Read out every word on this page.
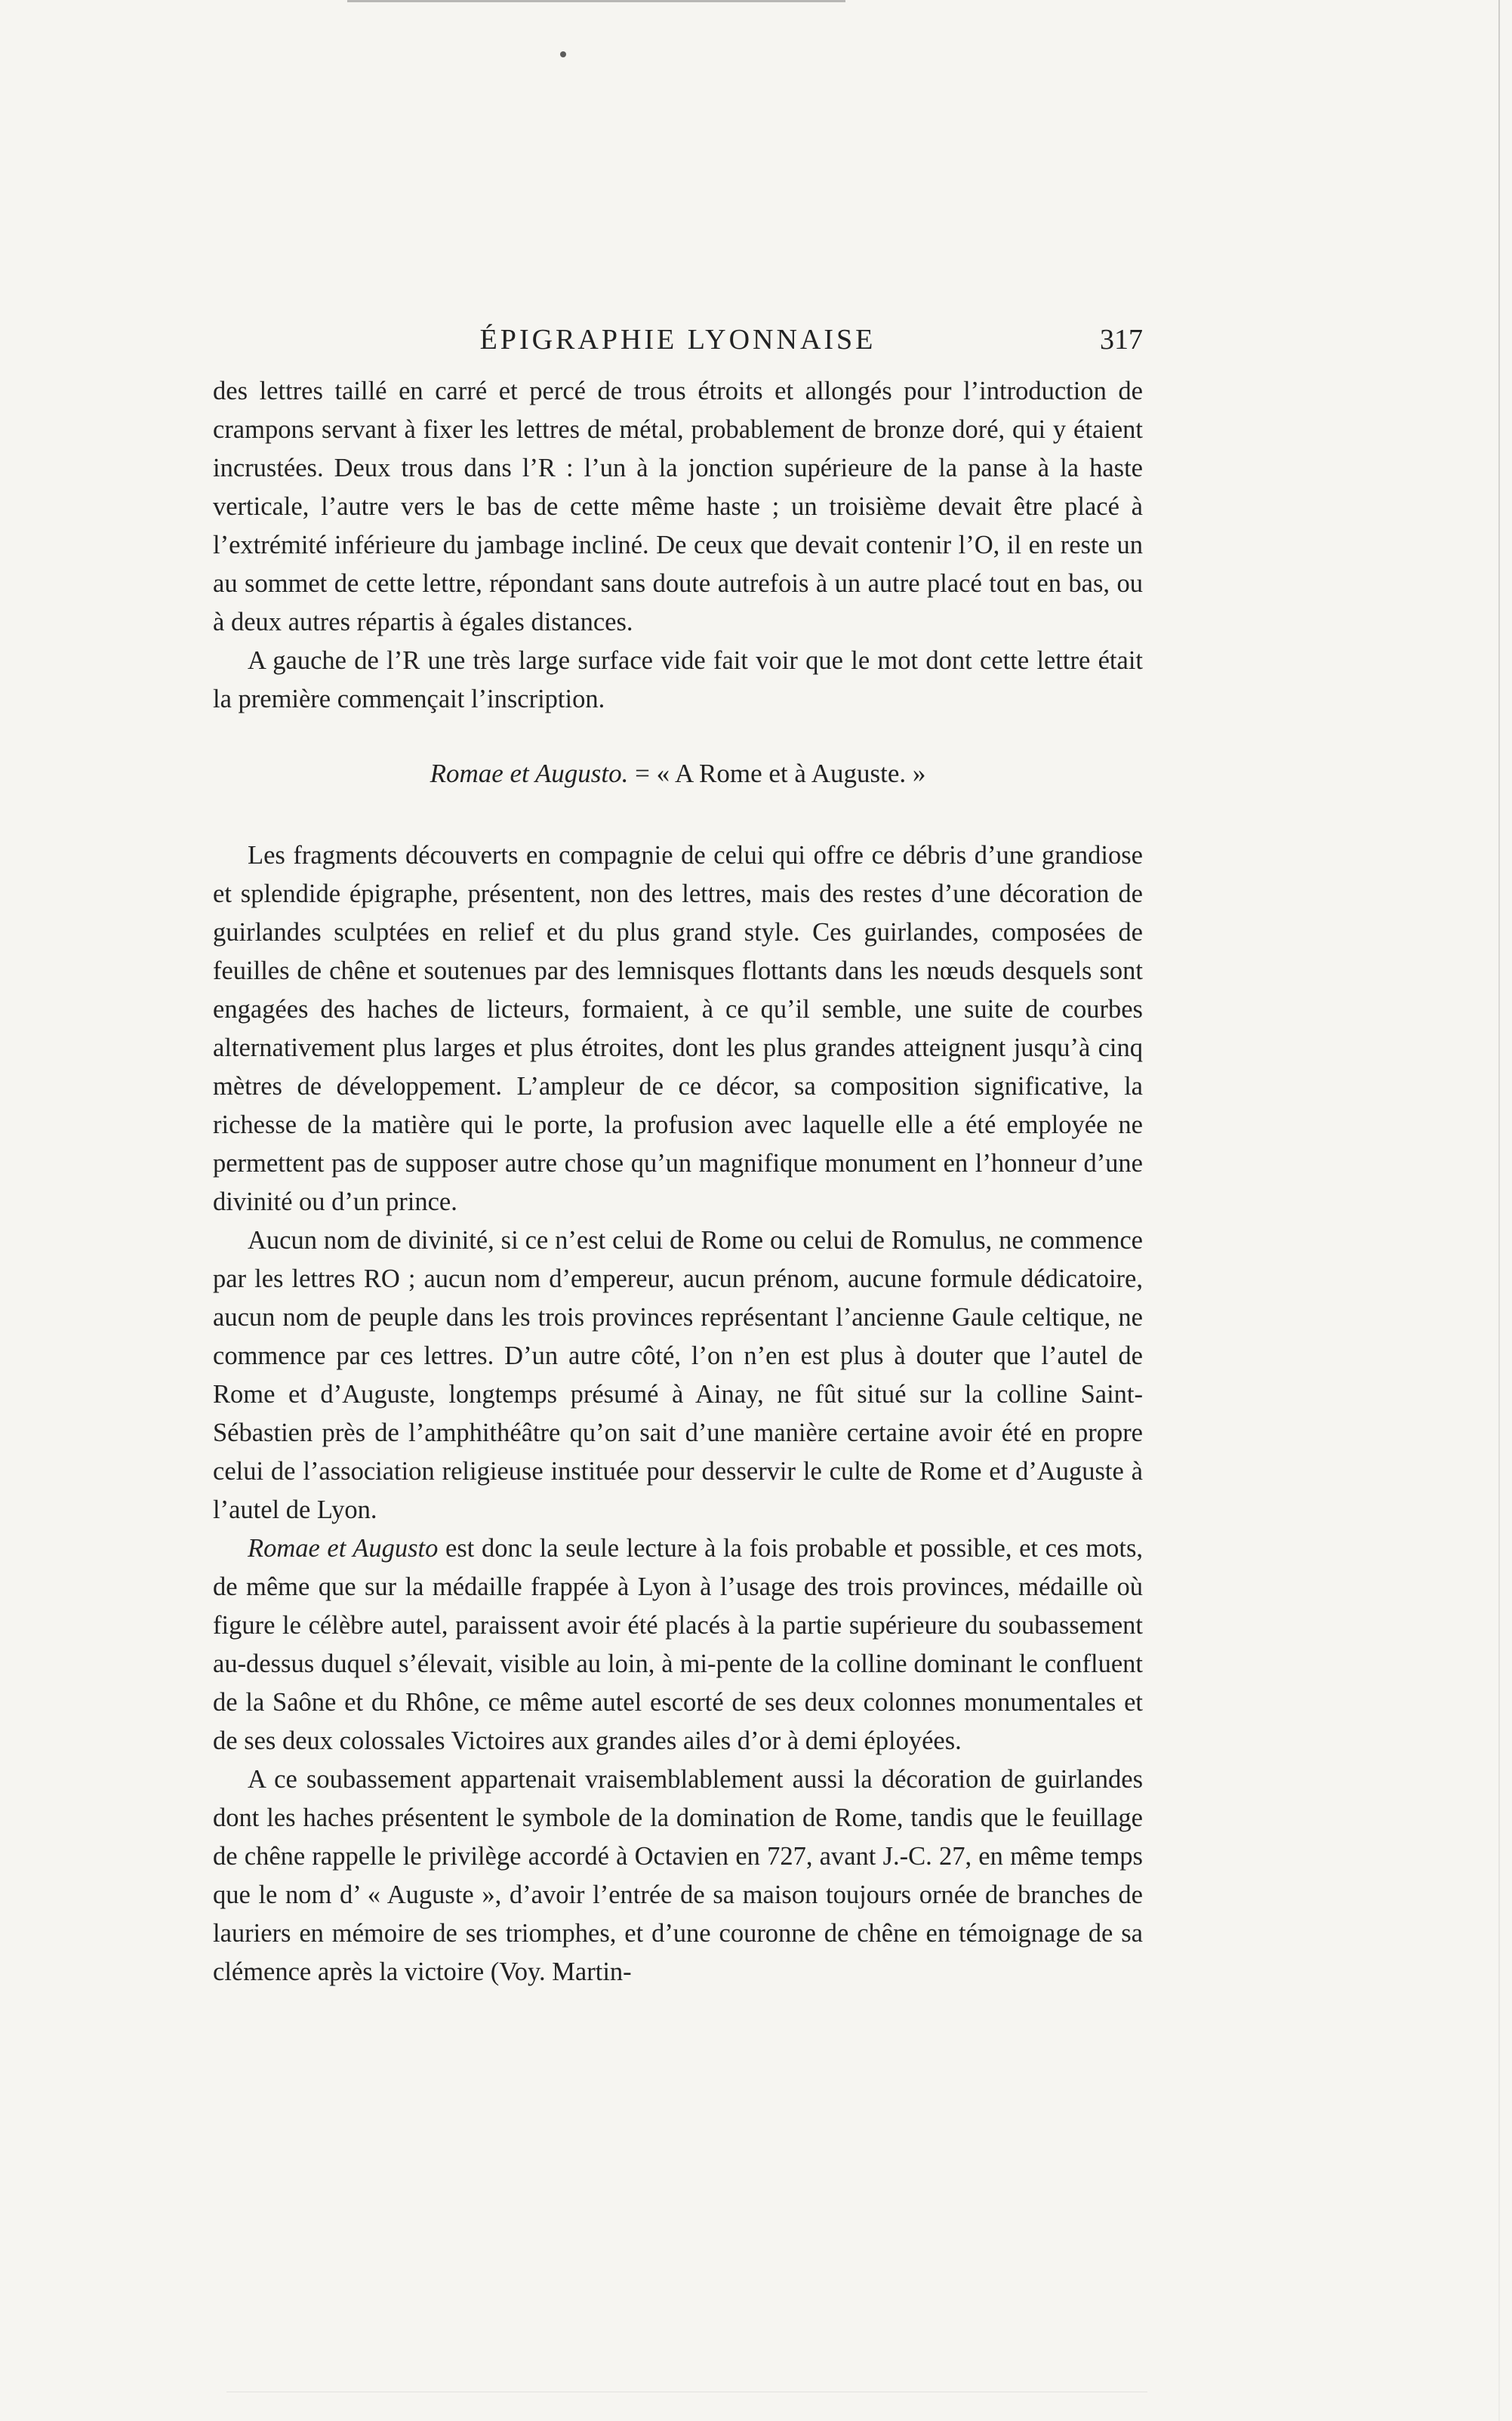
ÉPIGRAPHIE LYONNAISE	317

des lettres taillé en carré et percé de trous étroits et allongés pour l’introduction de crampons servant à fixer les lettres de métal, probablement de bronze doré, qui y étaient incrustées. Deux trous dans l’R : l’un à la jonction supérieure de la panse à la haste verticale, l’autre vers le bas de cette même haste ; un troisième devait être placé à l’extrémité inférieure du jambage incliné. De ceux que devait contenir l’O, il en reste un au sommet de cette lettre, répondant sans doute autrefois à un autre placé tout en bas, ou à deux autres répartis à égales distances.

A gauche de l’R une très large surface vide fait voir que le mot dont cette lettre était la première commençait l’inscription.

Romae et Augusto. = « A Rome et à Auguste. »

Les fragments découverts en compagnie de celui qui offre ce débris d’une grandiose et splendide épigraphe, présentent, non des lettres, mais des restes d’une décoration de guirlandes sculptées en relief et du plus grand style. Ces guirlandes, composées de feuilles de chêne et soutenues par des lemnisques flottants dans les nœuds desquels sont engagées des haches de licteurs, formaient, à ce qu’il semble, une suite de courbes alternativement plus larges et plus étroites, dont les plus grandes atteignent jusqu’à cinq mètres de développement. L’ampleur de ce décor, sa composition significative, la richesse de la matière qui le porte, la profusion avec laquelle elle a été employée ne permettent pas de supposer autre chose qu’un magnifique monument en l’honneur d’une divinité ou d’un prince.

Aucun nom de divinité, si ce n’est celui de Rome ou celui de Romulus, ne commence par les lettres RO ; aucun nom d’empereur, aucun prénom, aucune formule dédicatoire, aucun nom de peuple dans les trois provinces représentant l’ancienne Gaule celtique, ne commence par ces lettres. D’un autre côté, l’on n’en est plus à douter que l’autel de Rome et d’Auguste, longtemps présumé à Ainay, ne fût situé sur la colline Saint-Sébastien près de l’amphithéâtre qu’on sait d’une manière certaine avoir été en propre celui de l’association religieuse instituée pour desservir le culte de Rome et d’Auguste à l’autel de Lyon.

Romae et Augusto est donc la seule lecture à la fois probable et possible, et ces mots, de même que sur la médaille frappée à Lyon à l’usage des trois provinces, médaille où figure le célèbre autel, paraissent avoir été placés à la partie supérieure du soubassement au-dessus duquel s’élevait, visible au loin, à mi-pente de la colline dominant le confluent de la Saône et du Rhône, ce même autel escorté de ses deux colonnes monumentales et de ses deux colossales Victoires aux grandes ailes d’or à demi éployées.

A ce soubassement appartenait vraisemblablement aussi la décoration de guirlandes dont les haches présentent le symbole de la domination de Rome, tandis que le feuillage de chêne rappelle le privilège accordé à Octavien en 727, avant J.-C. 27, en même temps que le nom d’ « Auguste », d’avoir l’entrée de sa maison toujours ornée de branches de lauriers en mémoire de ses triomphes, et d’une couronne de chêne en témoignage de sa clémence après la victoire (Voy. Martin-
